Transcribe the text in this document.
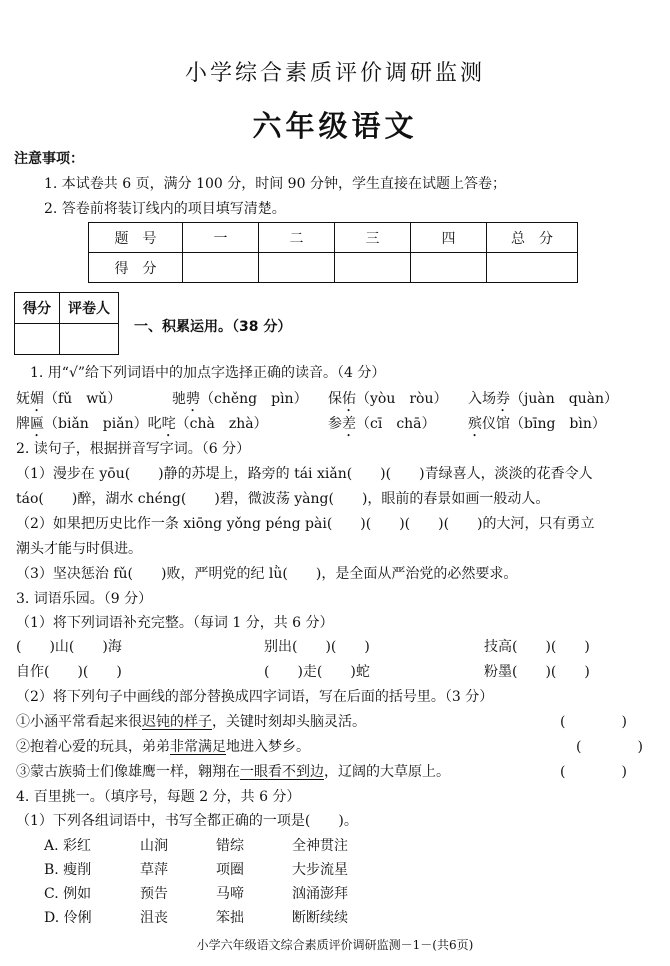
小学综合素质评价调研监测
六年级语文
注意事项：
1. 本试卷共 6 页，满分 100 分，时间 90 分钟，学生直接在试题上答卷；
2. 答卷前将装订线内的项目填写清楚。
题　号	一	二	三	四	总　分
得　分					
得分	评卷人

一、积累运用。（38 分）
1. 用“√”给下列词语中的加点字选择正确的读音。（4 分）
妩媚（fǔ　wǔ）	驰骋（chěng　pìn） 保佑（yòu　ròu） 入场券（juàn　quàn）
牌匾（biǎn　piǎn）叱咤（chà　zhà）	参差（cī　chā） 殡仪馆（bīng　bìn）
2. 读句子，根据拼音写字词。（6 分）
（1）漫步在 yōu(　　)静的苏堤上，路旁的 tái xiǎn(　　)(　　)青绿喜人，淡淡的花香令人
táo(　　)醉，湖水 chéng(　　)碧，微波荡 yàng(　　)，眼前的春景如画一般动人。
（2）如果把历史比作一条 xiōng yǒng péng pài(　　)(　　)(　　)(　　)的大河，只有勇立
潮头才能与时俱进。
（3）坚决惩治 fǔ(　　)败，严明党的纪 lǜ(　　)，是全面从严治党的必然要求。
3. 词语乐园。（9 分）
（1）将下列词语补充完整。（每词 1 分，共 6 分）
(　　)山(　　)海	别出(　　)(　　)	技高(　　)(　　)
自作(　　)(　　)	(　　)走(　　)蛇	粉墨(　　)(　　)
（2）将下列句子中画线的部分替换成四字词语，写在后面的括号里。（3 分）
①小涵平常看起来很迟钝的样子，关键时刻却头脑灵活。	(　　　　)
②抱着心爱的玩具，弟弟非常满足地进入梦乡。	(　　　　)
③蒙古族骑士们像雄鹰一样，翱翔在一眼看不到边，辽阔的大草原上。	(　　　　)
4. 百里挑一。（填序号，每题 2 分，共 6 分）
（1）下列各组词语中，书写全都正确的一项是(　　)。
A. 彩红	山涧	错综	全神贯注
B. 瘦削	草萍	项圈	大步流星
C. 例如	预告	马啼	汹涌澎拜
D. 伶俐	沮丧	笨拙	断断续续
小学六年级语文综合素质评价调研监测－1－(共6页)
